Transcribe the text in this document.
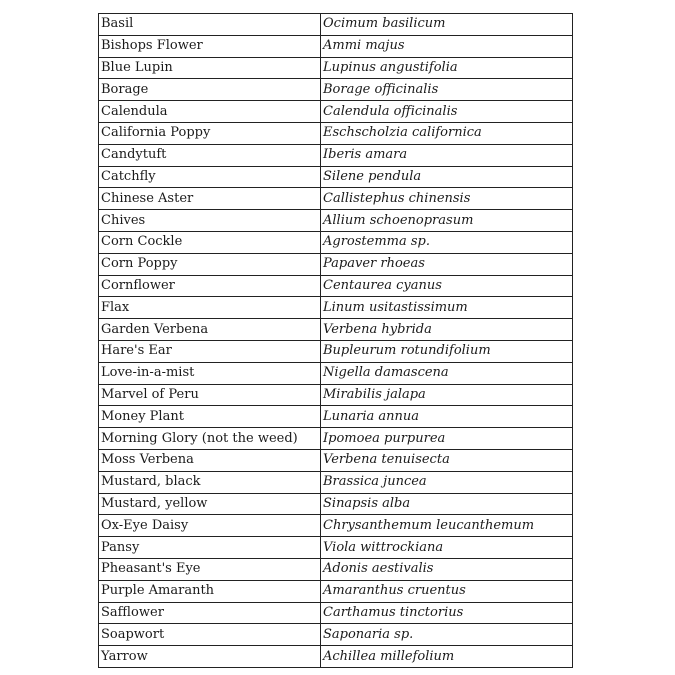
Basil	Ocimum basilicum
Bishops Flower	Ammi majus
Blue Lupin	Lupinus angustifolia
Borage	Borage officinalis
Calendula	Calendula officinalis
California Poppy	Eschscholzia californica
Candytuft	Iberis amara
Catchfly	Silene pendula
Chinese Aster	Callistephus chinensis
Chives	Allium schoenoprasum
Corn Cockle	Agrostemma sp.
Corn Poppy	Papaver rhoeas
Cornflower	Centaurea cyanus
Flax	Linum usitastissimum
Garden Verbena	Verbena hybrida
Hare's Ear	Bupleurum rotundifolium
Love-in-a-mist	Nigella damascena
Marvel of Peru	Mirabilis jalapa
Money Plant	Lunaria annua
Morning Glory (not the weed)	Ipomoea purpurea
Moss Verbena	Verbena tenuisecta
Mustard, black	Brassica juncea
Mustard, yellow	Sinapsis alba
Ox-Eye Daisy	Chrysanthemum leucanthemum
Pansy	Viola wittrockiana
Pheasant's Eye	Adonis aestivalis
Purple Amaranth	Amaranthus cruentus
Safflower	Carthamus tinctorius
Soapwort	Saponaria sp.
Yarrow	Achillea millefolium
